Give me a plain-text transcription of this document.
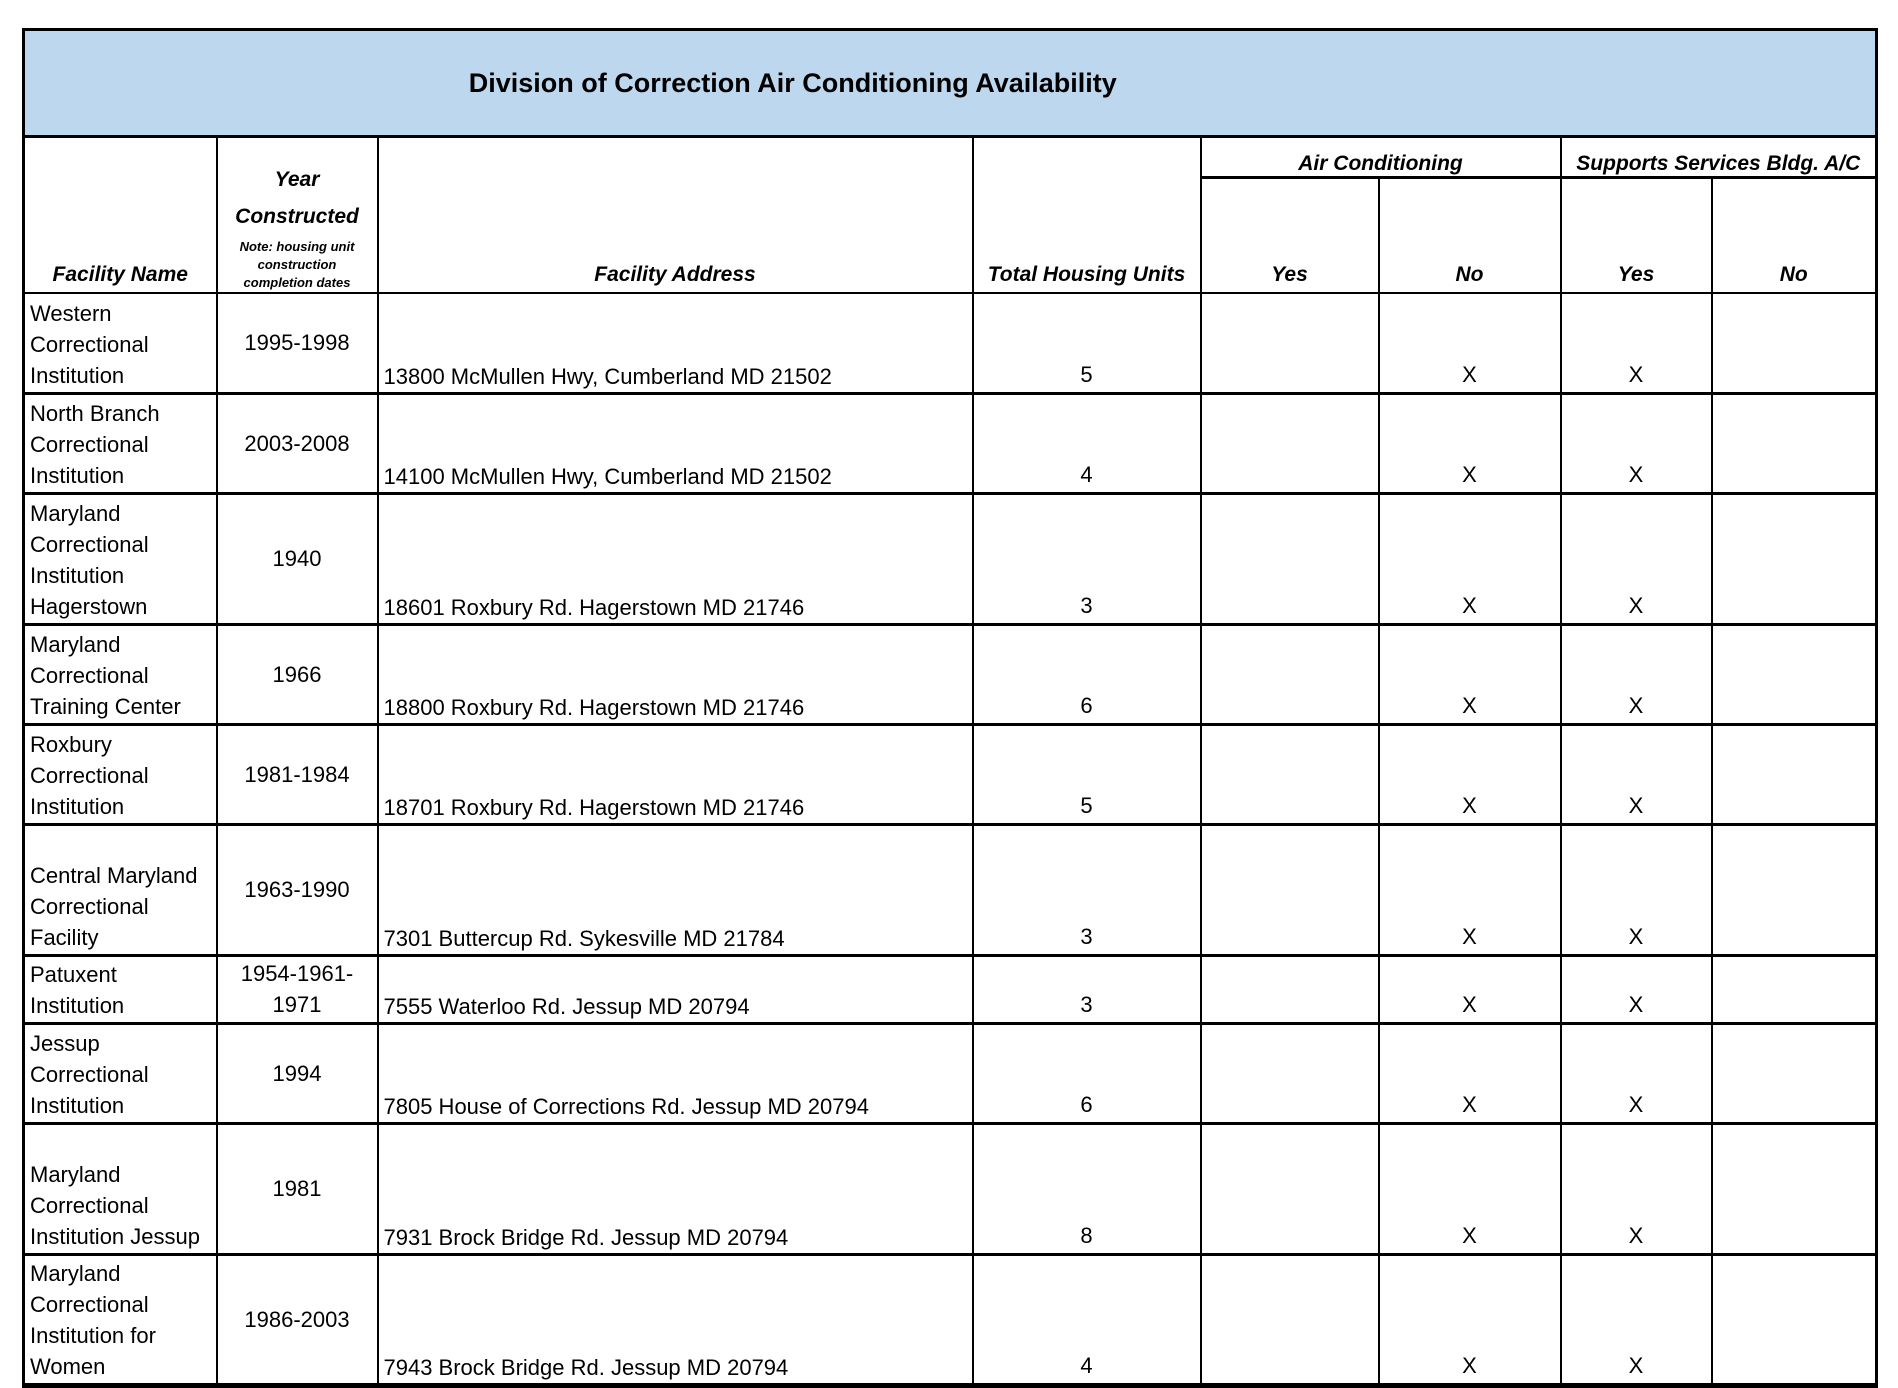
Division of Correction Air Conditioning Availability							

Facility Name	Year
Constructed
Note: housing unit
construction
completion dates	Facility Address	Total Housing Units	Air Conditioning		Supports Services Bldg. A/C	
				Yes	No	Yes	No

Western
Correctional
Institution	1995-1998	13800 McMullen Hwy, Cumberland MD 21502	5		X	X	

North Branch
Correctional
Institution	2003-2008	14100 McMullen Hwy, Cumberland MD 21502	4		X	X	

Maryland
Correctional
Institution
Hagerstown	1940	18601 Roxbury Rd. Hagerstown MD 21746	3		X	X	

Maryland
Correctional
Training Center	1966	18800 Roxbury Rd. Hagerstown MD 21746	6		X	X	

Roxbury
Correctional
Institution	1981-1984	18701 Roxbury Rd. Hagerstown MD 21746	5		X	X	

Central Maryland
Correctional
Facility	1963-1990	7301 Buttercup Rd. Sykesville MD 21784	3		X	X	

Patuxent
Institution

1954-1961-
1971	7555 Waterloo Rd. Jessup MD 20794	3		X	X	

Jessup
Correctional
Institution	1994	7805 House of Corrections Rd. Jessup MD 20794	6		X	X	

Maryland
Correctional
Institution Jessup	1981	7931 Brock Bridge Rd. Jessup MD 20794	8		X	X	

Maryland
Correctional
Institution for
Women	1986-2003	7943 Brock Bridge Rd. Jessup MD 20794	4		X	X	
